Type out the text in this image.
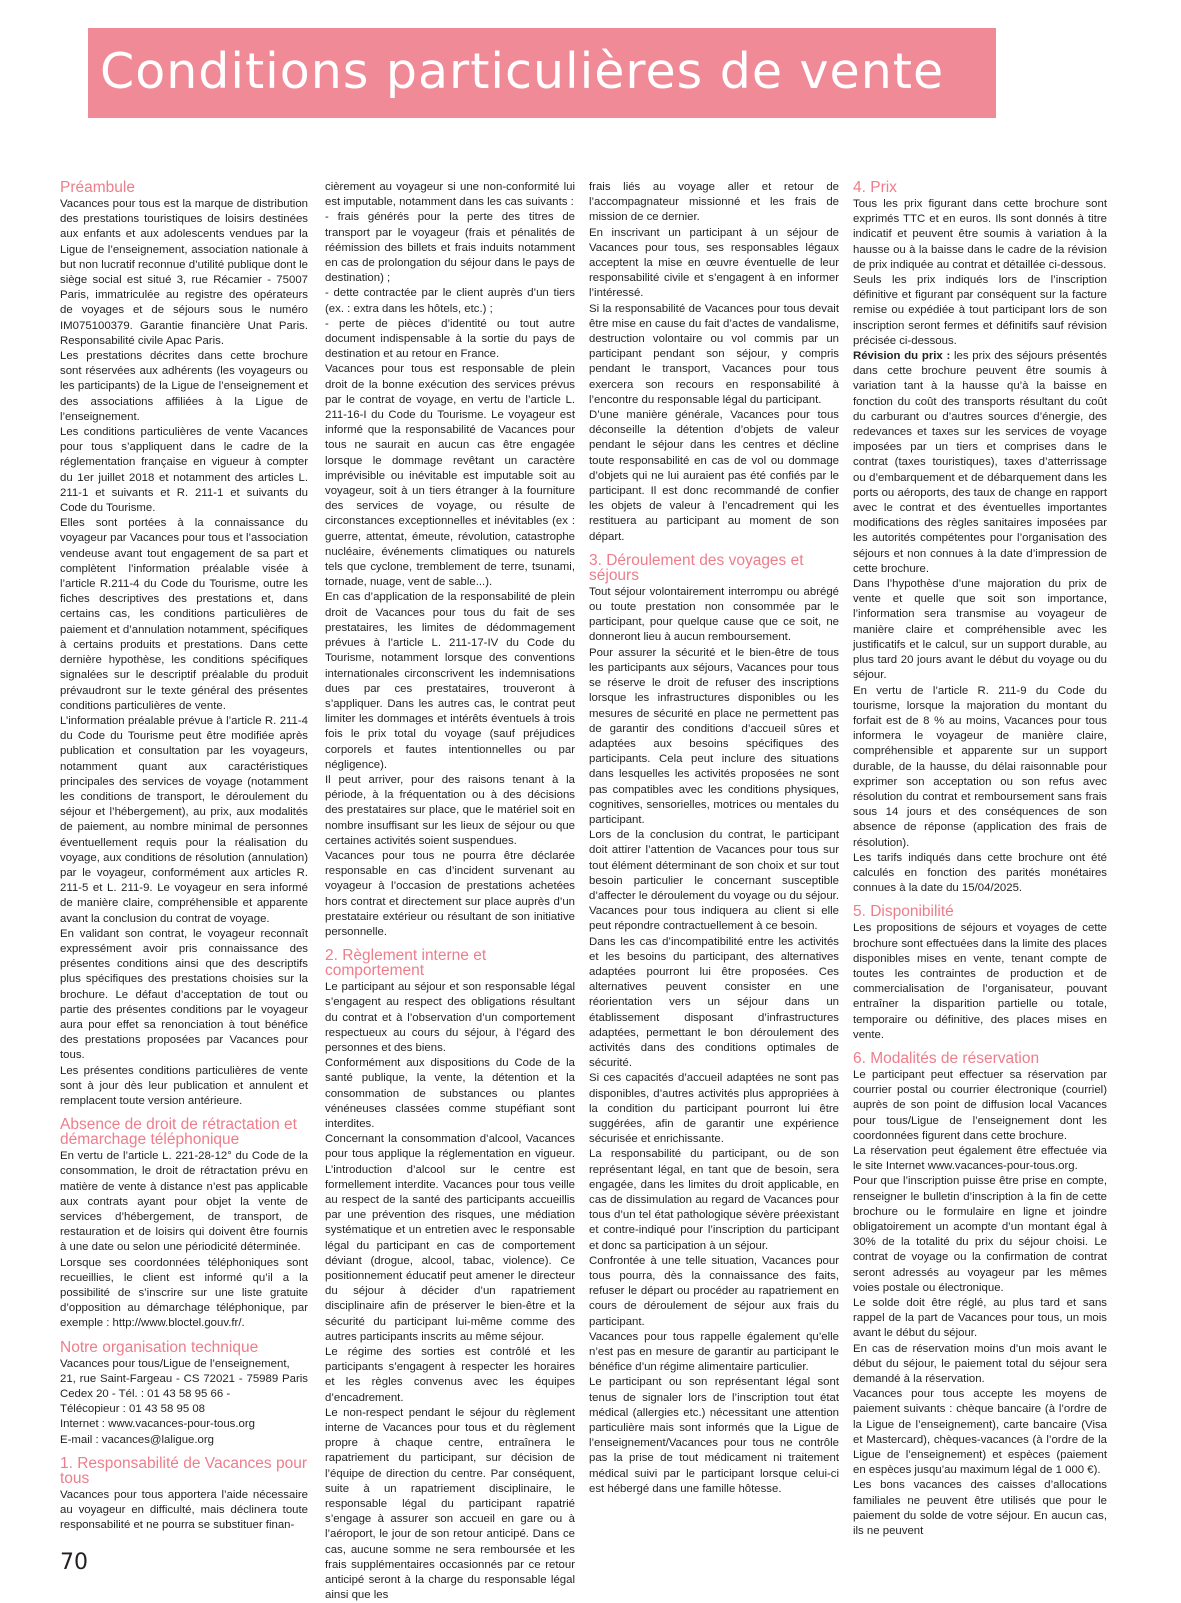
Conditions particulières de vente
Préambule

Vacances pour tous est la marque de distribution des prestations touristiques de loisirs destinées aux enfants et aux adolescents vendues par la Ligue de l’enseignement, association nationale à but non lucratif reconnue d’utilité publique dont le siège social est situé 3, rue Récamier - 75007 Paris, immatriculée au registre des opérateurs de voyages et de séjours sous le numéro IM075100379. Garantie financière Unat Paris. Responsabilité civile Apac Paris.

Les prestations décrites dans cette brochure sont réservées aux adhérents (les voyageurs ou les participants) de la Ligue de l’enseignement et des associations affiliées à la Ligue de l’enseignement.

Les conditions particulières de vente Vacances pour tous s’appliquent dans le cadre de la réglementation française en vigueur à compter du 1er juillet 2018 et notamment des articles L. 211-1 et suivants et R. 211-1 et suivants du Code du Tourisme.

Elles sont portées à la connaissance du voyageur par Vacances pour tous et l’association vendeuse avant tout engagement de sa part et complètent l’information préalable visée à l’article R.211-4 du Code du Tourisme, outre les fiches descriptives des prestations et, dans certains cas, les conditions particulières de paiement et d’annulation notamment, spécifiques à certains produits et prestations. Dans cette dernière hypothèse, les conditions spécifiques signalées sur le descriptif préalable du produit prévaudront sur le texte général des présentes conditions particulières de vente.

L’information préalable prévue à l’article R. 211-4 du Code du Tourisme peut être modifiée après publication et consultation par les voyageurs, notamment quant aux caractéristiques principales des services de voyage (notamment les conditions de transport, le déroulement du séjour et l’hébergement), au prix, aux modalités de paiement, au nombre minimal de personnes éventuellement requis pour la réalisation du voyage, aux conditions de résolution (annulation) par le voyageur, conformément aux articles R. 211-5 et L. 211-9. Le voyageur en sera informé de manière claire, compréhensible et apparente avant la conclusion du contrat de voyage.

En validant son contrat, le voyageur reconnaît expressément avoir pris connaissance des présentes conditions ainsi que des descriptifs plus spécifiques des prestations choisies sur la brochure. Le défaut d’acceptation de tout ou partie des présentes conditions par le voyageur aura pour effet sa renonciation à tout bénéfice des prestations proposées par Vacances pour tous.

Les présentes conditions particulières de vente sont à jour dès leur publication et annulent et remplacent toute version antérieure.

Absence de droit de rétractation et démarchage téléphonique

En vertu de l’article L. 221-28-12° du Code de la consommation, le droit de rétractation prévu en matière de vente à distance n’est pas applicable aux contrats ayant pour objet la vente de services d’hébergement, de transport, de restauration et de loisirs qui doivent être fournis à une date ou selon une périodicité déterminée.

Lorsque ses coordonnées téléphoniques sont recueillies, le client est informé qu’il a la possibilité de s’inscrire sur une liste gratuite d’opposition au démarchage téléphonique, par exemple : http://www.bloctel.gouv.fr/.

Notre organisation technique

Vacances pour tous/Ligue de l’enseignement,

21, rue Saint-Fargeau - CS 72021 - 75989 Paris Cedex 20 - Tél. : 01 43 58 95 66 -

Télécopieur : 01 43 58 95 08

Internet : www.vacances-pour-tous.org

E-mail : vacances@laligue.org

1. Responsabilité de Vacances pour tous

Vacances pour tous apportera l’aide nécessaire au voyageur en difficulté, mais déclinera toute responsabilité et ne pourra se substituer finan-

cièrement au voyageur si une non-conformité lui est imputable, notamment dans les cas suivants :

- frais générés pour la perte des titres de transport par le voyageur (frais et pénalités de réémission des billets et frais induits notamment en cas de prolongation du séjour dans le pays de destination) ;

- dette contractée par le client auprès d’un tiers (ex. : extra dans les hôtels, etc.) ;

- perte de pièces d’identité ou tout autre document indispensable à la sortie du pays de destination et au retour en France.

Vacances pour tous est responsable de plein droit de la bonne exécution des services prévus par le contrat de voyage, en vertu de l’article L. 211-16-I du Code du Tourisme. Le voyageur est informé que la responsabilité de Vacances pour tous ne saurait en aucun cas être engagée lorsque le dommage revêtant un caractère imprévisible ou inévitable est imputable soit au voyageur, soit à un tiers étranger à la fourniture des services de voyage, ou résulte de circonstances exceptionnelles et inévitables (ex : guerre, attentat, émeute, révolution, catastrophe nucléaire, événements climatiques ou naturels tels que cyclone, tremblement de terre, tsunami, tornade, nuage, vent de sable...).

En cas d’application de la responsabilité de plein droit de Vacances pour tous du fait de ses prestataires, les limites de dédommagement prévues à l’article L. 211-17-IV du Code du Tourisme, notamment lorsque des conventions internationales circonscrivent les indemnisations dues par ces prestataires, trouveront à s’appliquer. Dans les autres cas, le contrat peut limiter les dommages et intérêts éventuels à trois fois le prix total du voyage (sauf préjudices corporels et fautes intentionnelles ou par négligence).

Il peut arriver, pour des raisons tenant à la période, à la fréquentation ou à des décisions des prestataires sur place, que le matériel soit en nombre insuffisant sur les lieux de séjour ou que certaines activités soient suspendues.

Vacances pour tous ne pourra être déclarée responsable en cas d’incident survenant au voyageur à l’occasion de prestations achetées hors contrat et directement sur place auprès d’un prestataire extérieur ou résultant de son initiative personnelle.

2. Règlement interne et comportement

Le participant au séjour et son responsable légal s’engagent au respect des obligations résultant du contrat et à l’observation d’un comportement respectueux au cours du séjour, à l’égard des personnes et des biens.

Conformément aux dispositions du Code de la santé publique, la vente, la détention et la consommation de substances ou plantes vénéneuses classées comme stupéfiant sont interdites.

Concernant la consommation d’alcool, Vacances pour tous applique la réglementation en vigueur. L’introduction d’alcool sur le centre est formellement interdite. Vacances pour tous veille au respect de la santé des participants accueillis par une prévention des risques, une médiation systématique et un entretien avec le responsable légal du participant en cas de comportement déviant (drogue, alcool, tabac, violence). Ce positionnement éducatif peut amener le directeur du séjour à décider d’un rapatriement disciplinaire afin de préserver le bien-être et la sécurité du participant lui-même comme des autres participants inscrits au même séjour.

Le régime des sorties est contrôlé et les participants s’engagent à respecter les horaires et les règles convenus avec les équipes d’encadrement.

Le non-respect pendant le séjour du règlement interne de Vacances pour tous et du règlement propre à chaque centre, entraînera le rapatriement du participant, sur décision de l’équipe de direction du centre. Par conséquent, suite à un rapatriement disciplinaire, le responsable légal du participant rapatrié s’engage à assurer son accueil en gare ou à l’aéroport, le jour de son retour anticipé. Dans ce cas, aucune somme ne sera remboursée et les frais supplémentaires occasionnés par ce retour anticipé seront à la charge du responsable légal ainsi que les

frais liés au voyage aller et retour de l’accompagnateur missionné et les frais de mission de ce dernier.

En inscrivant un participant à un séjour de Vacances pour tous, ses responsables légaux acceptent la mise en œuvre éventuelle de leur responsabilité civile et s’engagent à en informer l’intéressé.

Si la responsabilité de Vacances pour tous devait être mise en cause du fait d’actes de vandalisme, destruction volontaire ou vol commis par un participant pendant son séjour, y compris pendant le transport, Vacances pour tous exercera son recours en responsabilité à l’encontre du responsable légal du participant.

D’une manière générale, Vacances pour tous déconseille la détention d’objets de valeur pendant le séjour dans les centres et décline toute responsabilité en cas de vol ou dommage d’objets qui ne lui auraient pas été confiés par le participant. Il est donc recommandé de confier les objets de valeur à l’encadrement qui les restituera au participant au moment de son départ.

3. Déroulement des voyages et séjours

Tout séjour volontairement interrompu ou abrégé ou toute prestation non consommée par le participant, pour quelque cause que ce soit, ne donneront lieu à aucun remboursement.

Pour assurer la sécurité et le bien-être de tous les participants aux séjours, Vacances pour tous se réserve le droit de refuser des inscriptions lorsque les infrastructures disponibles ou les mesures de sécurité en place ne permettent pas de garantir des conditions d’accueil sûres et adaptées aux besoins spécifiques des participants. Cela peut inclure des situations dans lesquelles les activités proposées ne sont pas compatibles avec les conditions physiques, cognitives, sensorielles, motrices ou mentales du participant.

Lors de la conclusion du contrat, le participant doit attirer l’attention de Vacances pour tous sur tout élément déterminant de son choix et sur tout besoin particulier le concernant susceptible d’affecter le déroulement du voyage ou du séjour. Vacances pour tous indiquera au client si elle peut répondre contractuellement à ce besoin.

Dans les cas d’incompatibilité entre les activités et les besoins du participant, des alternatives adaptées pourront lui être proposées. Ces alternatives peuvent consister en une réorientation vers un séjour dans un établissement disposant d’infrastructures adaptées, permettant le bon déroulement des activités dans des conditions optimales de sécurité.

Si ces capacités d’accueil adaptées ne sont pas disponibles, d’autres activités plus appropriées à la condition du participant pourront lui être suggérées, afin de garantir une expérience sécurisée et enrichissante.

La responsabilité du participant, ou de son représentant légal, en tant que de besoin, sera engagée, dans les limites du droit applicable, en cas de dissimulation au regard de Vacances pour tous d’un tel état pathologique sévère préexistant et contre-indiqué pour l’inscription du participant et donc sa participation à un séjour.

Confrontée à une telle situation, Vacances pour tous pourra, dès la connaissance des faits, refuser le départ ou procéder au rapatriement en cours de déroulement de séjour aux frais du participant.

Vacances pour tous rappelle également qu’elle n’est pas en mesure de garantir au participant le bénéfice d’un régime alimentaire particulier.

Le participant ou son représentant légal sont tenus de signaler lors de l’inscription tout état médical (allergies etc.) nécessitant une attention particulière mais sont informés que la Ligue de l’enseignement/Vacances pour tous ne contrôle pas la prise de tout médicament ni traitement médical suivi par le participant lorsque celui-ci est hébergé dans une famille hôtesse.

4. Prix

Tous les prix figurant dans cette brochure sont exprimés TTC et en euros. Ils sont donnés à titre indicatif et peuvent être soumis à variation à la hausse ou à la baisse dans le cadre de la révision de prix indiquée au contrat et détaillée ci-dessous.

Seuls les prix indiqués lors de l’inscription définitive et figurant par conséquent sur la facture remise ou expédiée à tout participant lors de son inscription seront fermes et définitifs sauf révision précisée ci-dessous.

Révision du prix : les prix des séjours présentés dans cette brochure peuvent être soumis à variation tant à la hausse qu’à la baisse en fonction du coût des transports résultant du coût du carburant ou d’autres sources d’énergie, des redevances et taxes sur les services de voyage imposées par un tiers et comprises dans le contrat (taxes touristiques), taxes d’atterrissage ou d’embarquement et de débarquement dans les ports ou aéroports, des taux de change en rapport avec le contrat et des éventuelles importantes modifications des règles sanitaires imposées par les autorités compétentes pour l’organisation des séjours et non connues à la date d’impression de cette brochure.

Dans l’hypothèse d’une majoration du prix de vente et quelle que soit son importance, l’information sera transmise au voyageur de manière claire et compréhensible avec les justificatifs et le calcul, sur un support durable, au plus tard 20 jours avant le début du voyage ou du séjour.

En vertu de l’article R. 211-9 du Code du tourisme, lorsque la majoration du montant du forfait est de 8 % au moins, Vacances pour tous informera le voyageur de manière claire, compréhensible et apparente sur un support durable, de la hausse, du délai raisonnable pour exprimer son acceptation ou son refus avec résolution du contrat et remboursement sans frais sous 14 jours et des conséquences de son absence de réponse (application des frais de résolution).

Les tarifs indiqués dans cette brochure ont été calculés en fonction des parités monétaires connues à la date du 15/04/2025.

5. Disponibilité

Les propositions de séjours et voyages de cette brochure sont effectuées dans la limite des places disponibles mises en vente, tenant compte de toutes les contraintes de production et de commercialisation de l’organisateur, pouvant entraîner la disparition partielle ou totale, temporaire ou définitive, des places mises en vente.

6. Modalités de réservation

Le participant peut effectuer sa réservation par courrier postal ou courrier électronique (courriel) auprès de son point de diffusion local Vacances pour tous/Ligue de l’enseignement dont les coordonnées figurent dans cette brochure.

La réservation peut également être effectuée via le site Internet www.vacances-pour-tous.org.

Pour que l’inscription puisse être prise en compte, renseigner le bulletin d’inscription à la fin de cette brochure ou le formulaire en ligne et joindre obligatoirement un acompte d’un montant égal à 30% de la totalité du prix du séjour choisi. Le contrat de voyage ou la confirmation de contrat seront adressés au voyageur par les mêmes voies postale ou électronique.

Le solde doit être réglé, au plus tard et sans rappel de la part de Vacances pour tous, un mois avant le début du séjour.

En cas de réservation moins d’un mois avant le début du séjour, le paiement total du séjour sera demandé à la réservation.

Vacances pour tous accepte les moyens de paiement suivants : chèque bancaire (à l’ordre de la Ligue de l’enseignement), carte bancaire (Visa et Mastercard), chèques-vacances (à l’ordre de la Ligue de l’enseignement) et espèces (paiement en espèces jusqu’au maximum légal de 1 000 €).

Les bons vacances des caisses d’allocations familiales ne peuvent être utilisés que pour le paiement du solde de votre séjour. En aucun cas, ils ne peuvent

70
